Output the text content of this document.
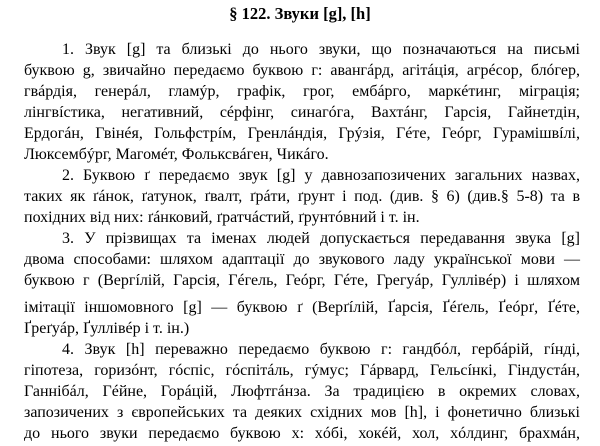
§ 122. Звуки [g], [h]
1. Звук [g] та близькі до нього звуки, що позначаються на письмі
буквою g, звичайно передаємо буквою г: авангáрд, агітáція, агрéсор, блóгер,
гвáрдія, генерáл, гламýр, графік, грог, ембáрго, маркéтинг, міграція;
лінгвíстика, негативний, сéрфінг, синагóга, Вахтáнг, Гарсія, Гайнетдін,
Ердогáн, Гвінéя, Гольфстрíм, Гренлáндія, Грýзія, Гéте, Геóрг, Гурамішвíлі,
Люксембýрг, Магомéт, Фольксвáген, Чикáго.
2. Буквою ґ передаємо звук [g] у давнозапозичених загальних назвах,
таких як ґáнок, ґатунок, ґвалт, ґрáти, ґрунт і под. (див. § 6) (див.§ 5-8) та в
похідних від них: ґáнковий, ґратчáстий, ґрунтóвний і т. ін.
3. У прізвищах та іменах людей допускається передавання звука [g]
двома способами: шляхом адаптації до звукового ладу української мови —
буквою г (Вергíлій, Гарсія, Гéгель, Геóрг, Гéте, Грегуáр, Гуллівéр) і шляхом
імітації іншомовного [g] — буквою ґ (Верґíлій, Ґарсія, Ґéґель, Ґеóрґ, Ґéте,
Ґреґуáр, Ґуллівéр і т. ін.)
4. Звук [h] переважно передаємо буквою г: гандбóл, гербáрій, гíнді,
гіпотеза, горизóнт, гóспіс, гóспітáль, гýмус; Гáрвард, Гельсíнкі, Гіндустáн,
Ганнібáл, Гéйне, Горáцій, Люфтгáнза. За традицією в окремих словах,
запозичених з європейських та деяких східних мов [h], і фонетично близькі
до нього звуки передаємо буквою х: хóбі, хокéй, хол, хóлдинг, брахмáн,
